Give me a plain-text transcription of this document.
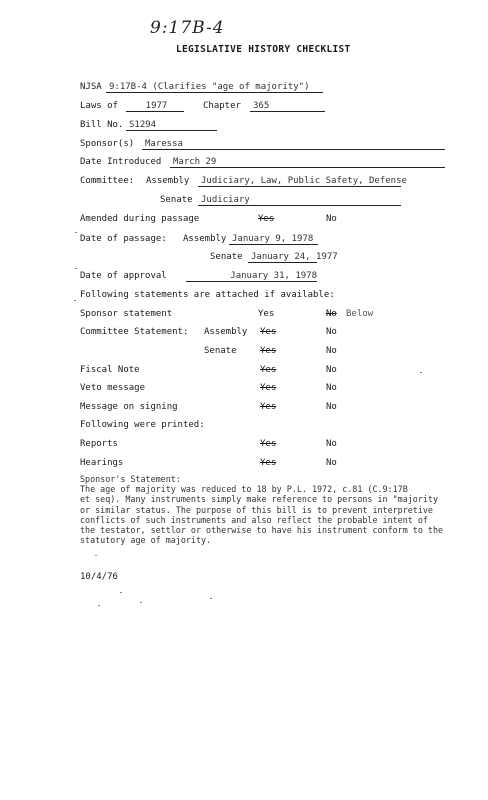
9:17B-4
LEGISLATIVE HISTORY CHECKLIST
NJSA 9:17B-4 (Clarifies "age of majority")
Laws of	1977	Chapter	365
Bill No. S1294
Sponsor(s)	Maressa
Date Introduced	March 29
Committee: Assembly	Judiciary, Law, Public Safety, Defense
Senate Judiciary
Amended during passage	Yes	No
Date of passage: Assembly January 9, 1978
Senate January 24, 1977
Date of approval	January 31, 1978
Following statements are attached if available:
Sponsor statement	Yes	No Below
Committee Statement: Assembly Yes	No
Senate	Yes	No
Fiscal Note	Yes	No
Veto message	Yes	No
Message on signing	Yes	No
Following were printed:
Reports	Yes	No
Hearings	Yes	No

Sponsor's Statement:

The age of majority was reduced to 18 by P.L. 1972, c.81 (C.9:17B

et seq). Many instruments simply make reference to persons in "majority

or similar status. The purpose of this bill is to prevent interpretive

conflicts of such instruments and also reflect the probable intent of

the testator, settlor or otherwise to have his instrument conform to the

statutory age of majority.

10/4/76
